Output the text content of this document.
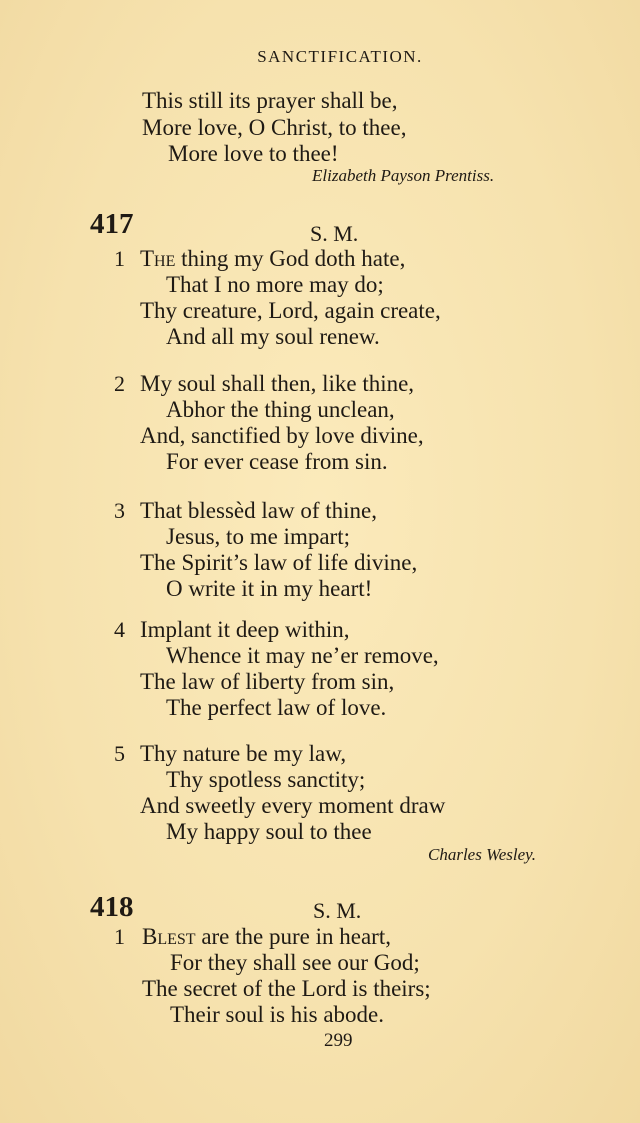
SANCTIFICATION.
This still its prayer shall be,
More love, O Christ, to thee,
More love to thee!
Elizabeth Payson Prentiss.
417	S. M.
1 The thing my God doth hate,
That I no more may do;
Thy creature, Lord, again create,
And all my soul renew.
2 My soul shall then, like thine,
Abhor the thing unclean,
And, sanctified by love divine,
For ever cease from sin.
3 That blessèd law of thine,
Jesus, to me impart;
The Spirit’s law of life divine,
O write it in my heart!
4 Implant it deep within,
Whence it may ne’er remove,
The law of liberty from sin,
The perfect law of love.
5 Thy nature be my law,
Thy spotless sanctity;
And sweetly every moment draw
My happy soul to thee
Charles Wesley.
418	S. M.
1 Blest are the pure in heart,
For they shall see our God;
The secret of the Lord is theirs;
Their soul is his abode.
299
